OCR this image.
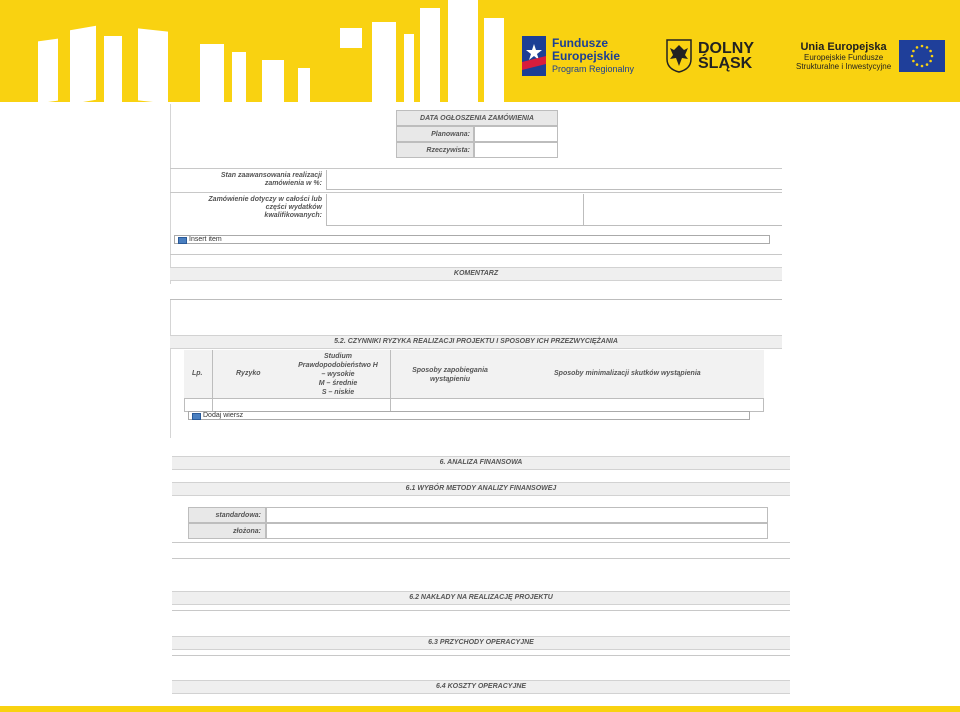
Fundusze
Europejskie
Program Regionalny
DOLNY
ŚLĄSK
Unia Europejska
Europejskie Fundusze
Strukturalne i Inwestycyjne
DATA OGŁOSZENIA ZAMÓWIENIA
Planowana:
Rzeczywista:
Stan zaawansowania realizacji
zamówienia w %:
Zamówienie dotyczy w całości lub
części wydatków
kwalifikowanych:
Insert item
KOMENTARZ
5.2. CZYNNIKI RYZYKA REALIZACJI PROJEKTU I SPOSOBY ICH PRZEZWYCIĘŻANIA
Lp.	Ryzyko
Studium
Prawdopodobieństwo H
– wysokie
M – średnie
S – niskie
Sposoby zapobiegania
wystąpieniu
Sposoby minimalizacji skutków wystąpienia
Dodaj wiersz
6. ANALIZA FINANSOWA
6.1 WYBÓR METODY ANALIZY FINANSOWEJ
standardowa:
złożona:
6.2 NAKŁADY NA REALIZACJĘ PROJEKTU
6.3 PRZYCHODY OPERACYJNE
6.4 KOSZTY OPERACYJNE
